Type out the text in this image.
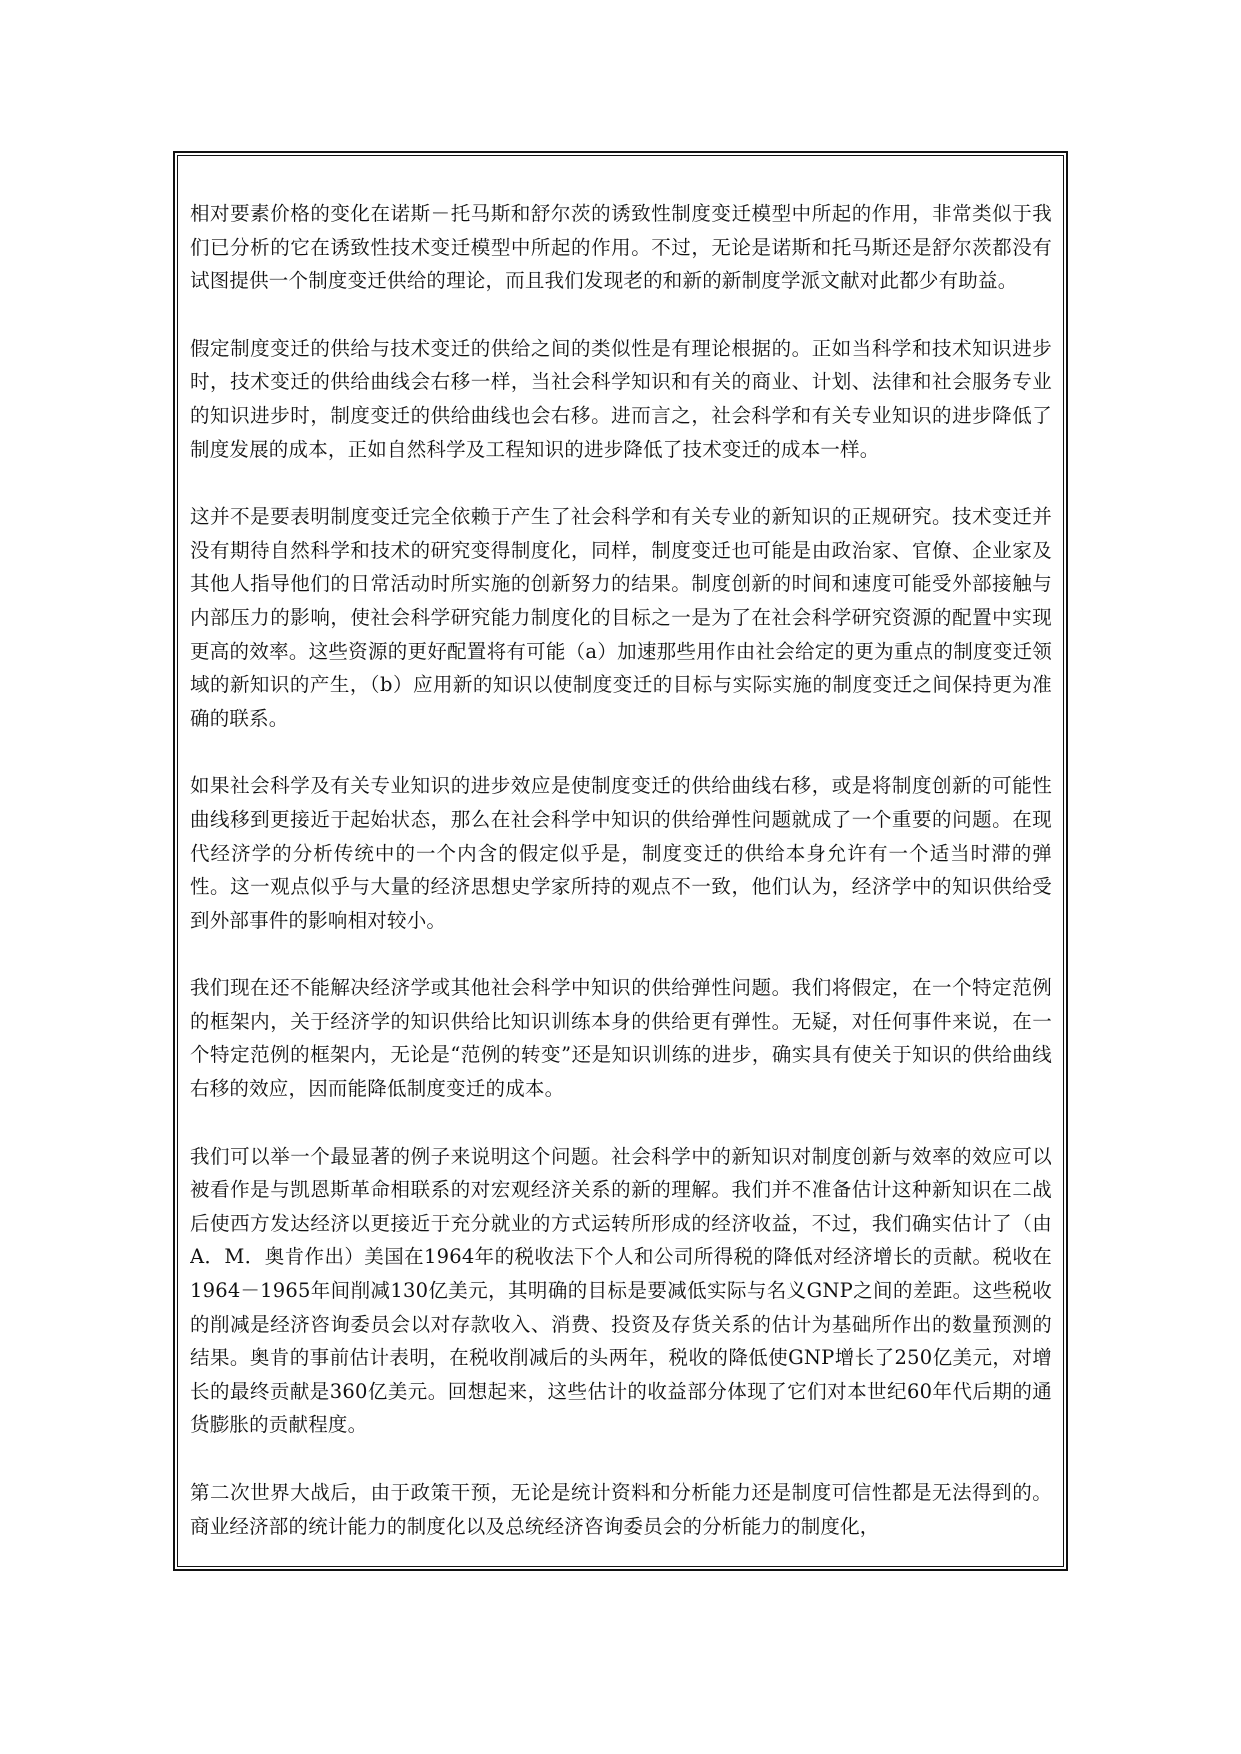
相对要素价格的变化在诺斯－托马斯和舒尔茨的诱致性制度变迁模型中所起的作用，非常类似于我们已分析的它在诱致性技术变迁模型中所起的作用。不过，无论是诺斯和托马斯还是舒尔茨都没有试图提供一个制度变迁供给的理论，而且我们发现老的和新的新制度学派文献对此都少有助益。

假定制度变迁的供给与技术变迁的供给之间的类似性是有理论根据的。正如当科学和技术知识进步时，技术变迁的供给曲线会右移一样，当社会科学知识和有关的商业、计划、法律和社会服务专业的知识进步时，制度变迁的供给曲线也会右移。进而言之，社会科学和有关专业知识的进步降低了制度发展的成本，正如自然科学及工程知识的进步降低了技术变迁的成本一样。

这并不是要表明制度变迁完全依赖于产生了社会科学和有关专业的新知识的正规研究。技术变迁并没有期待自然科学和技术的研究变得制度化，同样，制度变迁也可能是由政治家、官僚、企业家及其他人指导他们的日常活动时所实施的创新努力的结果。制度创新的时间和速度可能受外部接触与内部压力的影响，使社会科学研究能力制度化的目标之一是为了在社会科学研究资源的配置中实现更高的效率。这些资源的更好配置将有可能（a）加速那些用作由社会给定的更为重点的制度变迁领域的新知识的产生，（b）应用新的知识以使制度变迁的目标与实际实施的制度变迁之间保持更为准确的联系。

如果社会科学及有关专业知识的进步效应是使制度变迁的供给曲线右移，或是将制度创新的可能性曲线移到更接近于起始状态，那么在社会科学中知识的供给弹性问题就成了一个重要的问题。在现代经济学的分析传统中的一个内含的假定似乎是，制度变迁的供给本身允许有一个适当时滞的弹性。这一观点似乎与大量的经济思想史学家所持的观点不一致，他们认为，经济学中的知识供给受到外部事件的影响相对较小。

我们现在还不能解决经济学或其他社会科学中知识的供给弹性问题。我们将假定，在一个特定范例的框架内，关于经济学的知识供给比知识训练本身的供给更有弹性。无疑，对任何事件来说，在一个特定范例的框架内，无论是“范例的转变”还是知识训练的进步，确实具有使关于知识的供给曲线右移的效应，因而能降低制度变迁的成本。

我们可以举一个最显著的例子来说明这个问题。社会科学中的新知识对制度创新与效率的效应可以被看作是与凯恩斯革命相联系的对宏观经济关系的新的理解。我们并不准备估计这种新知识在二战后使西方发达经济以更接近于充分就业的方式运转所形成的经济收益，不过，我们确实估计了（由A．M．奥肯作出）美国在1964年的税收法下个人和公司所得税的降低对经济增长的贡献。税收在1964－1965年间削减130亿美元，其明确的目标是要减低实际与名义GNP之间的差距。这些税收的削减是经济咨询委员会以对存款收入、消费、投资及存货关系的估计为基础所作出的数量预测的结果。奥肯的事前估计表明，在税收削减后的头两年，税收的降低使GNP增长了250亿美元，对增长的最终贡献是360亿美元。回想起来，这些估计的收益部分体现了它们对本世纪60年代后期的通货膨胀的贡献程度。

第二次世界大战后，由于政策干预，无论是统计资料和分析能力还是制度可信性都是无法得到的。商业经济部的统计能力的制度化以及总统经济咨询委员会的分析能力的制度化，
